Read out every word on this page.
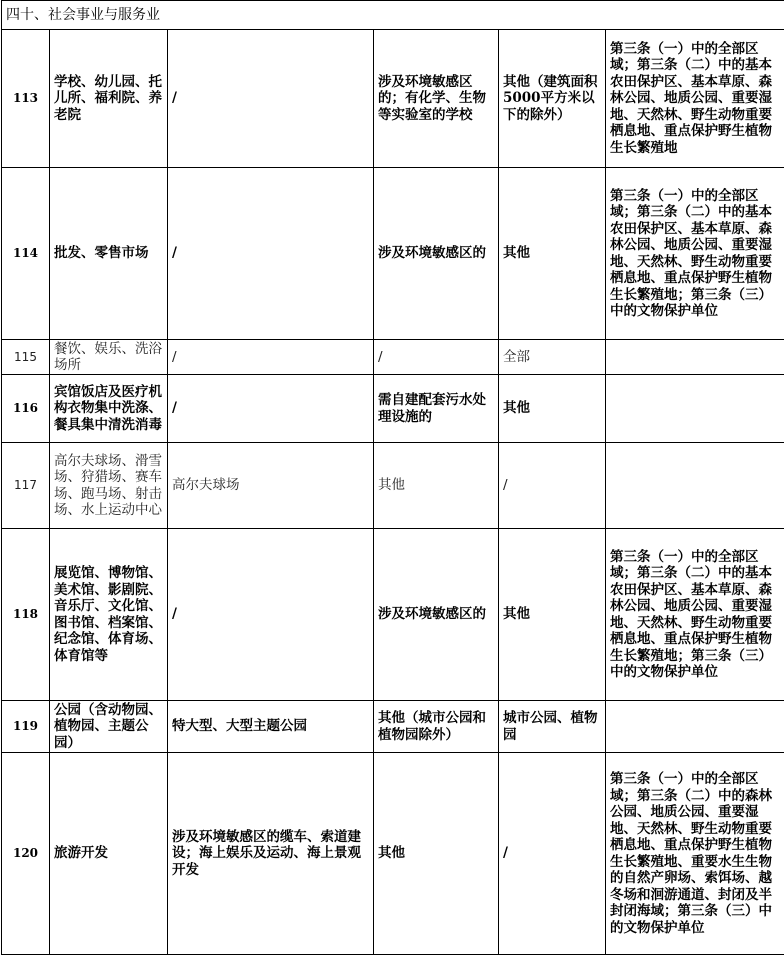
四十、社会事业与服务业					
113	学校、幼儿园、托儿所、福利院、养老院	/	涉及环境敏感区的；有化学、生物等实验室的学校	其他（建筑面积5000平方米以下的除外）	第三条（一）中的全部区域；第三条（二）中的基本农田保护区、基本草原、森林公园、地质公园、重要湿地、天然林、野生动物重要栖息地、重点保护野生植物生长繁殖地
114	批发、零售市场	/	涉及环境敏感区的	其他	第三条（一）中的全部区域；第三条（二）中的基本农田保护区、基本草原、森林公园、地质公园、重要湿地、天然林、野生动物重要栖息地、重点保护野生植物生长繁殖地；第三条（三）中的文物保护单位
115	餐饮、娱乐、洗浴场所	/	/	全部	
116	宾馆饭店及医疗机构衣物集中洗涤、餐具集中清洗消毒	/	需自建配套污水处理设施的	其他	
117	高尔夫球场、滑雪场、狩猎场、赛车场、跑马场、射击场、水上运动中心	高尔夫球场	其他	/	
118	展览馆、博物馆、美术馆、影剧院、音乐厅、文化馆、图书馆、档案馆、纪念馆、体育场、体育馆等	/	涉及环境敏感区的	其他	第三条（一）中的全部区域；第三条（二）中的基本农田保护区、基本草原、森林公园、地质公园、重要湿地、天然林、野生动物重要栖息地、重点保护野生植物生长繁殖地；第三条（三）中的文物保护单位
119	公园（含动物园、植物园、主题公园）	特大型、大型主题公园	其他（城市公园和植物园除外）	城市公园、植物园	
120	旅游开发	涉及环境敏感区的缆车、索道建设；海上娱乐及运动、海上景观开发	其他	/	第三条（一）中的全部区域；第三条（二）中的森林公园、地质公园、重要湿地、天然林、野生动物重要栖息地、重点保护野生植物生长繁殖地、重要水生生物的自然产卵场、索饵场、越冬场和洄游通道、封闭及半封闭海域；第三条（三）中的文物保护单位
